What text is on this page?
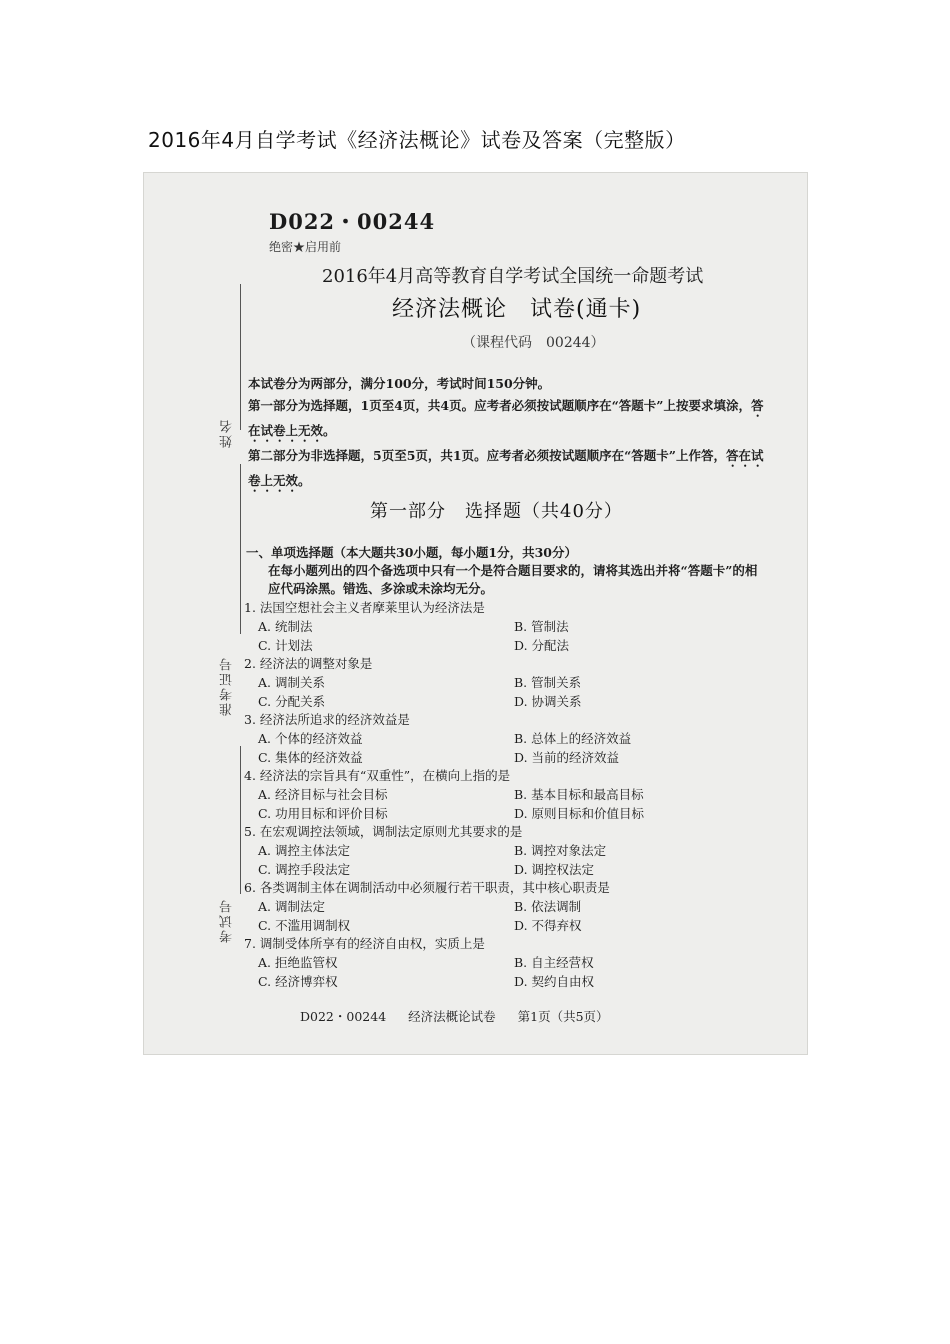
2016年4月自学考试《经济法概论》试卷及答案（完整版）
姓名
准考证号
考试号
D022・00244
绝密★启用前
2016年4月高等教育自学考试全国统一命题考试
经济法概论　试卷(通卡)
（课程代码　00244）

本试卷分为两部分，满分100分，考试时间150分钟。

第一部分为选择题，1页至4页，共4页。应考者必须按试题顺序在“答题卡”上按要求填涂，答在试卷上无效。

第二部分为非选择题，5页至5页，共1页。应考者必须按试题顺序在“答题卡”上作答，答在试卷上无效。

第一部分　选择题（共40分）

一、单项选择题（本大题共30小题，每小题1分，共30分）

在每小题列出的四个备选项中只有一个是符合题目要求的，请将其选出并将“答题卡”的相应代码涂黑。错选、多涂或未涂均无分。

1. 法国空想社会主义者摩莱里认为经济法是
A. 统制法	B. 管制法
C. 计划法	D. 分配法
2. 经济法的调整对象是
A. 调制关系	B. 管制关系
C. 分配关系	D. 协调关系
3. 经济法所追求的经济效益是
A. 个体的经济效益	B. 总体上的经济效益
C. 集体的经济效益	D. 当前的经济效益
4. 经济法的宗旨具有“双重性”，在横向上指的是
A. 经济目标与社会目标	B. 基本目标和最高目标
C. 功用目标和评价目标	D. 原则目标和价值目标
5. 在宏观调控法领域，调制法定原则尤其要求的是
A. 调控主体法定	B. 调控对象法定
C. 调控手段法定	D. 调控权法定
6. 各类调制主体在调制活动中必须履行若干职责，其中核心职责是
A. 调制法定	B. 依法调制
C. 不滥用调制权	D. 不得弃权
7. 调制受体所享有的经济自由权，实质上是
A. 拒绝监管权	B. 自主经营权
C. 经济博弈权	D. 契约自由权
D022・00244 经济法概论试卷 第1页（共5页）
